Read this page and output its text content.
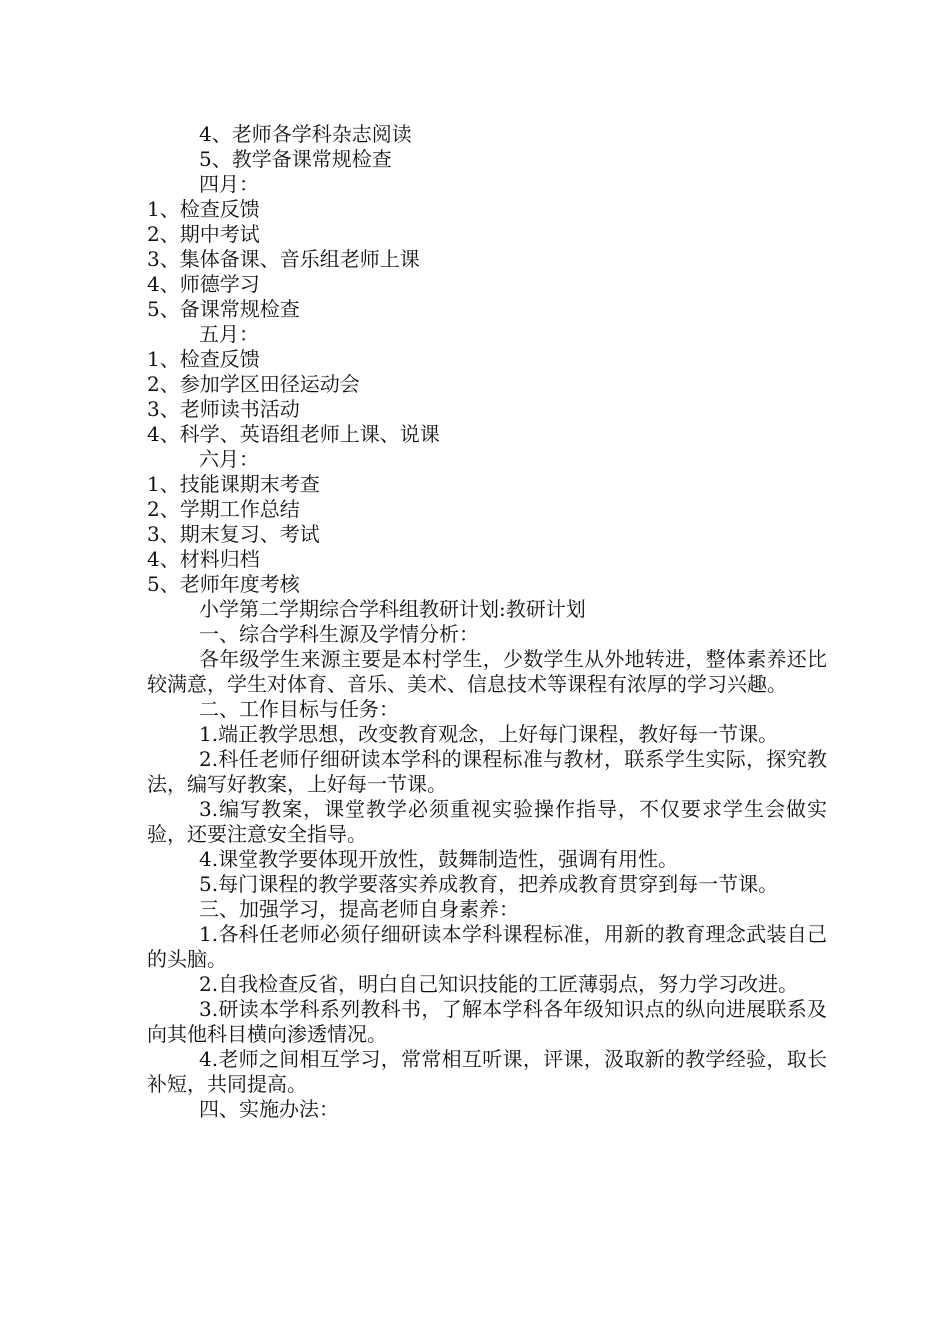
4、老师各学科杂志阅读
5、教学备课常规检查
四月：
1、检查反馈
2、期中考试
3、集体备课、音乐组老师上课
4、师德学习
5、备课常规检查
五月：
1、检查反馈
2、参加学区田径运动会
3、老师读书活动
4、科学、英语组老师上课、说课
六月：
1、技能课期末考查
2、学期工作总结
3、期末复习、考试
4、材料归档
5、老师年度考核
小学第二学期综合学科组教研计划:教研计划
一、综合学科生源及学情分析：

各年级学生来源主要是本村学生，少数学生从外地转进，整体素养还比较满意，学生对体育、音乐、美术、信息技术等课程有浓厚的学习兴趣。

二、工作目标与任务：

1.端正教学思想，改变教育观念，上好每门课程，教好每一节课。

2.科任老师仔细研读本学科的课程标准与教材，联系学生实际，探究教法，编写好教案，上好每一节课。

3.编写教案，课堂教学必须重视实验操作指导，不仅要求学生会做实验，还要注意安全指导。

4.课堂教学要体现开放性，鼓舞制造性，强调有用性。

5.每门课程的教学要落实养成教育，把养成教育贯穿到每一节课。

三、加强学习，提高老师自身素养：

1.各科任老师必须仔细研读本学科课程标准，用新的教育理念武装自己的头脑。

2.自我检查反省，明白自己知识技能的工匠薄弱点，努力学习改进。

3.研读本学科系列教科书，了解本学科各年级知识点的纵向进展联系及向其他科目横向渗透情况。

4.老师之间相互学习，常常相互听课，评课，汲取新的教学经验，取长补短，共同提高。

四、实施办法：
